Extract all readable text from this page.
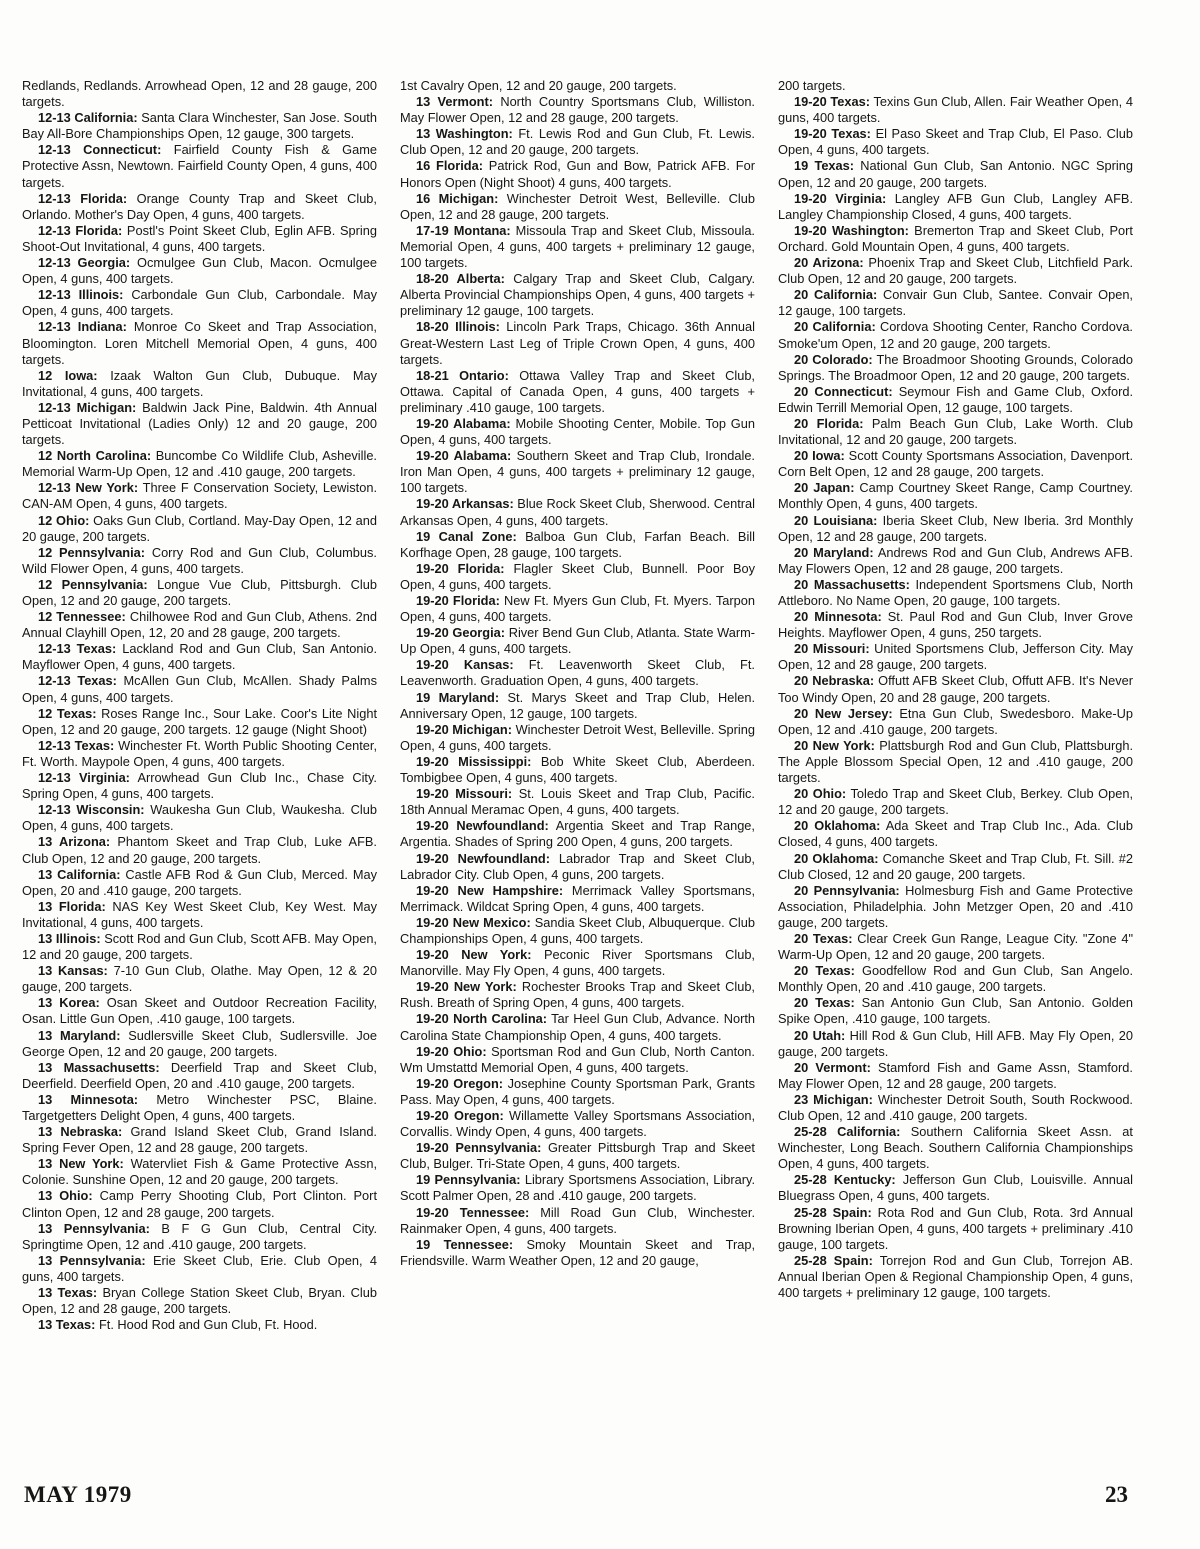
Redlands, Redlands. Arrowhead Open, 12 and 28 gauge, 200 targets.

12-13 California: Santa Clara Winchester, San Jose. South Bay All-Bore Championships Open, 12 gauge, 300 targets.

12-13 Connecticut: Fairfield County Fish & Game Protective Assn, Newtown. Fairfield County Open, 4 guns, 400 targets.

12-13 Florida: Orange County Trap and Skeet Club, Orlando. Mother's Day Open, 4 guns, 400 targets.

12-13 Florida: Postl's Point Skeet Club, Eglin AFB. Spring Shoot-Out Invitational, 4 guns, 400 targets.

12-13 Georgia: Ocmulgee Gun Club, Macon. Ocmulgee Open, 4 guns, 400 targets.

12-13 Illinois: Carbondale Gun Club, Carbondale. May Open, 4 guns, 400 targets.

12-13 Indiana: Monroe Co Skeet and Trap Association, Bloomington. Loren Mitchell Memorial Open, 4 guns, 400 targets.

12 Iowa: Izaak Walton Gun Club, Dubuque. May Invitational, 4 guns, 400 targets.

12-13 Michigan: Baldwin Jack Pine, Baldwin. 4th Annual Petticoat Invitational (Ladies Only) 12 and 20 gauge, 200 targets.

12 North Carolina: Buncombe Co Wildlife Club, Asheville. Memorial Warm-Up Open, 12 and .410 gauge, 200 targets.

12-13 New York: Three F Conservation Society, Lewiston. CAN-AM Open, 4 guns, 400 targets.

12 Ohio: Oaks Gun Club, Cortland. May-Day Open, 12 and 20 gauge, 200 targets.

12 Pennsylvania: Corry Rod and Gun Club, Columbus. Wild Flower Open, 4 guns, 400 targets.

12 Pennsylvania: Longue Vue Club, Pittsburgh. Club Open, 12 and 20 gauge, 200 targets.

12 Tennessee: Chilhowee Rod and Gun Club, Athens. 2nd Annual Clayhill Open, 12, 20 and 28 gauge, 200 targets.

12-13 Texas: Lackland Rod and Gun Club, San Antonio. Mayflower Open, 4 guns, 400 targets.

12-13 Texas: McAllen Gun Club, McAllen. Shady Palms Open, 4 guns, 400 targets.

12 Texas: Roses Range Inc., Sour Lake. Coor's Lite Night Open, 12 and 20 gauge, 200 targets. 12 gauge (Night Shoot)

12-13 Texas: Winchester Ft. Worth Public Shooting Center, Ft. Worth. Maypole Open, 4 guns, 400 targets.

12-13 Virginia: Arrowhead Gun Club Inc., Chase City. Spring Open, 4 guns, 400 targets.

12-13 Wisconsin: Waukesha Gun Club, Waukesha. Club Open, 4 guns, 400 targets.

13 Arizona: Phantom Skeet and Trap Club, Luke AFB. Club Open, 12 and 20 gauge, 200 targets.

13 California: Castle AFB Rod & Gun Club, Merced. May Open, 20 and .410 gauge, 200 targets.

13 Florida: NAS Key West Skeet Club, Key West. May Invitational, 4 guns, 400 targets.

13 Illinois: Scott Rod and Gun Club, Scott AFB. May Open, 12 and 20 gauge, 200 targets.

13 Kansas: 7-10 Gun Club, Olathe. May Open, 12 & 20 gauge, 200 targets.

13 Korea: Osan Skeet and Outdoor Recreation Facility, Osan. Little Gun Open, .410 gauge, 100 targets.

13 Maryland: Sudlersville Skeet Club, Sudlersville. Joe George Open, 12 and 20 gauge, 200 targets.

13 Massachusetts: Deerfield Trap and Skeet Club, Deerfield. Deerfield Open, 20 and .410 gauge, 200 targets.

13 Minnesota: Metro Winchester PSC, Blaine. Targetgetters Delight Open, 4 guns, 400 targets.

13 Nebraska: Grand Island Skeet Club, Grand Island. Spring Fever Open, 12 and 28 gauge, 200 targets.

13 New York: Watervliet Fish & Game Protective Assn, Colonie. Sunshine Open, 12 and 20 gauge, 200 targets.

13 Ohio: Camp Perry Shooting Club, Port Clinton. Port Clinton Open, 12 and 28 gauge, 200 targets.

13 Pennsylvania: B F G Gun Club, Central City. Springtime Open, 12 and .410 gauge, 200 targets.

13 Pennsylvania: Erie Skeet Club, Erie. Club Open, 4 guns, 400 targets.

13 Texas: Bryan College Station Skeet Club, Bryan. Club Open, 12 and 28 gauge, 200 targets.

13 Texas: Ft. Hood Rod and Gun Club, Ft. Hood.

1st Cavalry Open, 12 and 20 gauge, 200 targets.

13 Vermont: North Country Sportsmans Club, Williston. May Flower Open, 12 and 28 gauge, 200 targets.

13 Washington: Ft. Lewis Rod and Gun Club, Ft. Lewis. Club Open, 12 and 20 gauge, 200 targets.

16 Florida: Patrick Rod, Gun and Bow, Patrick AFB. For Honors Open (Night Shoot) 4 guns, 400 targets.

16 Michigan: Winchester Detroit West, Belleville. Club Open, 12 and 28 gauge, 200 targets.

17-19 Montana: Missoula Trap and Skeet Club, Missoula. Memorial Open, 4 guns, 400 targets + preliminary 12 gauge, 100 targets.

18-20 Alberta: Calgary Trap and Skeet Club, Calgary. Alberta Provincial Championships Open, 4 guns, 400 targets + preliminary 12 gauge, 100 targets.

18-20 Illinois: Lincoln Park Traps, Chicago. 36th Annual Great-Western Last Leg of Triple Crown Open, 4 guns, 400 targets.

18-21 Ontario: Ottawa Valley Trap and Skeet Club, Ottawa. Capital of Canada Open, 4 guns, 400 targets + preliminary .410 gauge, 100 targets.

19-20 Alabama: Mobile Shooting Center, Mobile. Top Gun Open, 4 guns, 400 targets.

19-20 Alabama: Southern Skeet and Trap Club, Irondale. Iron Man Open, 4 guns, 400 targets + preliminary 12 gauge, 100 targets.

19-20 Arkansas: Blue Rock Skeet Club, Sherwood. Central Arkansas Open, 4 guns, 400 targets.

19 Canal Zone: Balboa Gun Club, Farfan Beach. Bill Korfhage Open, 28 gauge, 100 targets.

19-20 Florida: Flagler Skeet Club, Bunnell. Poor Boy Open, 4 guns, 400 targets.

19-20 Florida: New Ft. Myers Gun Club, Ft. Myers. Tarpon Open, 4 guns, 400 targets.

19-20 Georgia: River Bend Gun Club, Atlanta. State Warm-Up Open, 4 guns, 400 targets.

19-20 Kansas: Ft. Leavenworth Skeet Club, Ft. Leavenworth. Graduation Open, 4 guns, 400 targets.

19 Maryland: St. Marys Skeet and Trap Club, Helen. Anniversary Open, 12 gauge, 100 targets.

19-20 Michigan: Winchester Detroit West, Belleville. Spring Open, 4 guns, 400 targets.

19-20 Mississippi: Bob White Skeet Club, Aberdeen. Tombigbee Open, 4 guns, 400 targets.

19-20 Missouri: St. Louis Skeet and Trap Club, Pacific. 18th Annual Meramac Open, 4 guns, 400 targets.

19-20 Newfoundland: Argentia Skeet and Trap Range, Argentia. Shades of Spring 200 Open, 4 guns, 200 targets.

19-20 Newfoundland: Labrador Trap and Skeet Club, Labrador City. Club Open, 4 guns, 200 targets.

19-20 New Hampshire: Merrimack Valley Sportsmans, Merrimack. Wildcat Spring Open, 4 guns, 400 targets.

19-20 New Mexico: Sandia Skeet Club, Albuquerque. Club Championships Open, 4 guns, 400 targets.

19-20 New York: Peconic River Sportsmans Club, Manorville. May Fly Open, 4 guns, 400 targets.

19-20 New York: Rochester Brooks Trap and Skeet Club, Rush. Breath of Spring Open, 4 guns, 400 targets.

19-20 North Carolina: Tar Heel Gun Club, Advance. North Carolina State Championship Open, 4 guns, 400 targets.

19-20 Ohio: Sportsman Rod and Gun Club, North Canton. Wm Umstattd Memorial Open, 4 guns, 400 targets.

19-20 Oregon: Josephine County Sportsman Park, Grants Pass. May Open, 4 guns, 400 targets.

19-20 Oregon: Willamette Valley Sportsmans Association, Corvallis. Windy Open, 4 guns, 400 targets.

19-20 Pennsylvania: Greater Pittsburgh Trap and Skeet Club, Bulger. Tri-State Open, 4 guns, 400 targets.

19 Pennsylvania: Library Sportsmens Association, Library. Scott Palmer Open, 28 and .410 gauge, 200 targets.

19-20 Tennessee: Mill Road Gun Club, Winchester. Rainmaker Open, 4 guns, 400 targets.

19 Tennessee: Smoky Mountain Skeet and Trap, Friendsville. Warm Weather Open, 12 and 20 gauge,

200 targets.

19-20 Texas: Texins Gun Club, Allen. Fair Weather Open, 4 guns, 400 targets.

19-20 Texas: El Paso Skeet and Trap Club, El Paso. Club Open, 4 guns, 400 targets.

19 Texas: National Gun Club, San Antonio. NGC Spring Open, 12 and 20 gauge, 200 targets.

19-20 Virginia: Langley AFB Gun Club, Langley AFB. Langley Championship Closed, 4 guns, 400 targets.

19-20 Washington: Bremerton Trap and Skeet Club, Port Orchard. Gold Mountain Open, 4 guns, 400 targets.

20 Arizona: Phoenix Trap and Skeet Club, Litchfield Park. Club Open, 12 and 20 gauge, 200 targets.

20 California: Convair Gun Club, Santee. Convair Open, 12 gauge, 100 targets.

20 California: Cordova Shooting Center, Rancho Cordova. Smoke'um Open, 12 and 20 gauge, 200 targets.

20 Colorado: The Broadmoor Shooting Grounds, Colorado Springs. The Broadmoor Open, 12 and 20 gauge, 200 targets.

20 Connecticut: Seymour Fish and Game Club, Oxford. Edwin Terrill Memorial Open, 12 gauge, 100 targets.

20 Florida: Palm Beach Gun Club, Lake Worth. Club Invitational, 12 and 20 gauge, 200 targets.

20 Iowa: Scott County Sportsmans Association, Davenport. Corn Belt Open, 12 and 28 gauge, 200 targets.

20 Japan: Camp Courtney Skeet Range, Camp Courtney. Monthly Open, 4 guns, 400 targets.

20 Louisiana: Iberia Skeet Club, New Iberia. 3rd Monthly Open, 12 and 28 gauge, 200 targets.

20 Maryland: Andrews Rod and Gun Club, Andrews AFB. May Flowers Open, 12 and 28 gauge, 200 targets.

20 Massachusetts: Independent Sportsmens Club, North Attleboro. No Name Open, 20 gauge, 100 targets.

20 Minnesota: St. Paul Rod and Gun Club, Inver Grove Heights. Mayflower Open, 4 guns, 250 targets.

20 Missouri: United Sportsmens Club, Jefferson City. May Open, 12 and 28 gauge, 200 targets.

20 Nebraska: Offutt AFB Skeet Club, Offutt AFB. It's Never Too Windy Open, 20 and 28 gauge, 200 targets.

20 New Jersey: Etna Gun Club, Swedesboro. Make-Up Open, 12 and .410 gauge, 200 targets.

20 New York: Plattsburgh Rod and Gun Club, Plattsburgh. The Apple Blossom Special Open, 12 and .410 gauge, 200 targets.

20 Ohio: Toledo Trap and Skeet Club, Berkey. Club Open, 12 and 20 gauge, 200 targets.

20 Oklahoma: Ada Skeet and Trap Club Inc., Ada. Club Closed, 4 guns, 400 targets.

20 Oklahoma: Comanche Skeet and Trap Club, Ft. Sill. #2 Club Closed, 12 and 20 gauge, 200 targets.

20 Pennsylvania: Holmesburg Fish and Game Protective Association, Philadelphia. John Metzger Open, 20 and .410 gauge, 200 targets.

20 Texas: Clear Creek Gun Range, League City. "Zone 4" Warm-Up Open, 12 and 20 gauge, 200 targets.

20 Texas: Goodfellow Rod and Gun Club, San Angelo. Monthly Open, 20 and .410 gauge, 200 targets.

20 Texas: San Antonio Gun Club, San Antonio. Golden Spike Open, .410 gauge, 100 targets.

20 Utah: Hill Rod & Gun Club, Hill AFB. May Fly Open, 20 gauge, 200 targets.

20 Vermont: Stamford Fish and Game Assn, Stamford. May Flower Open, 12 and 28 gauge, 200 targets.

23 Michigan: Winchester Detroit South, South Rockwood. Club Open, 12 and .410 gauge, 200 targets.

25-28 California: Southern California Skeet Assn. at Winchester, Long Beach. Southern California Championships Open, 4 guns, 400 targets.

25-28 Kentucky: Jefferson Gun Club, Louisville. Annual Bluegrass Open, 4 guns, 400 targets.

25-28 Spain: Rota Rod and Gun Club, Rota. 3rd Annual Browning Iberian Open, 4 guns, 400 targets + preliminary .410 gauge, 100 targets.

25-28 Spain: Torrejon Rod and Gun Club, Torrejon AB. Annual Iberian Open & Regional Championship Open, 4 guns, 400 targets + preliminary 12 gauge, 100 targets.

MAY 1979	23
